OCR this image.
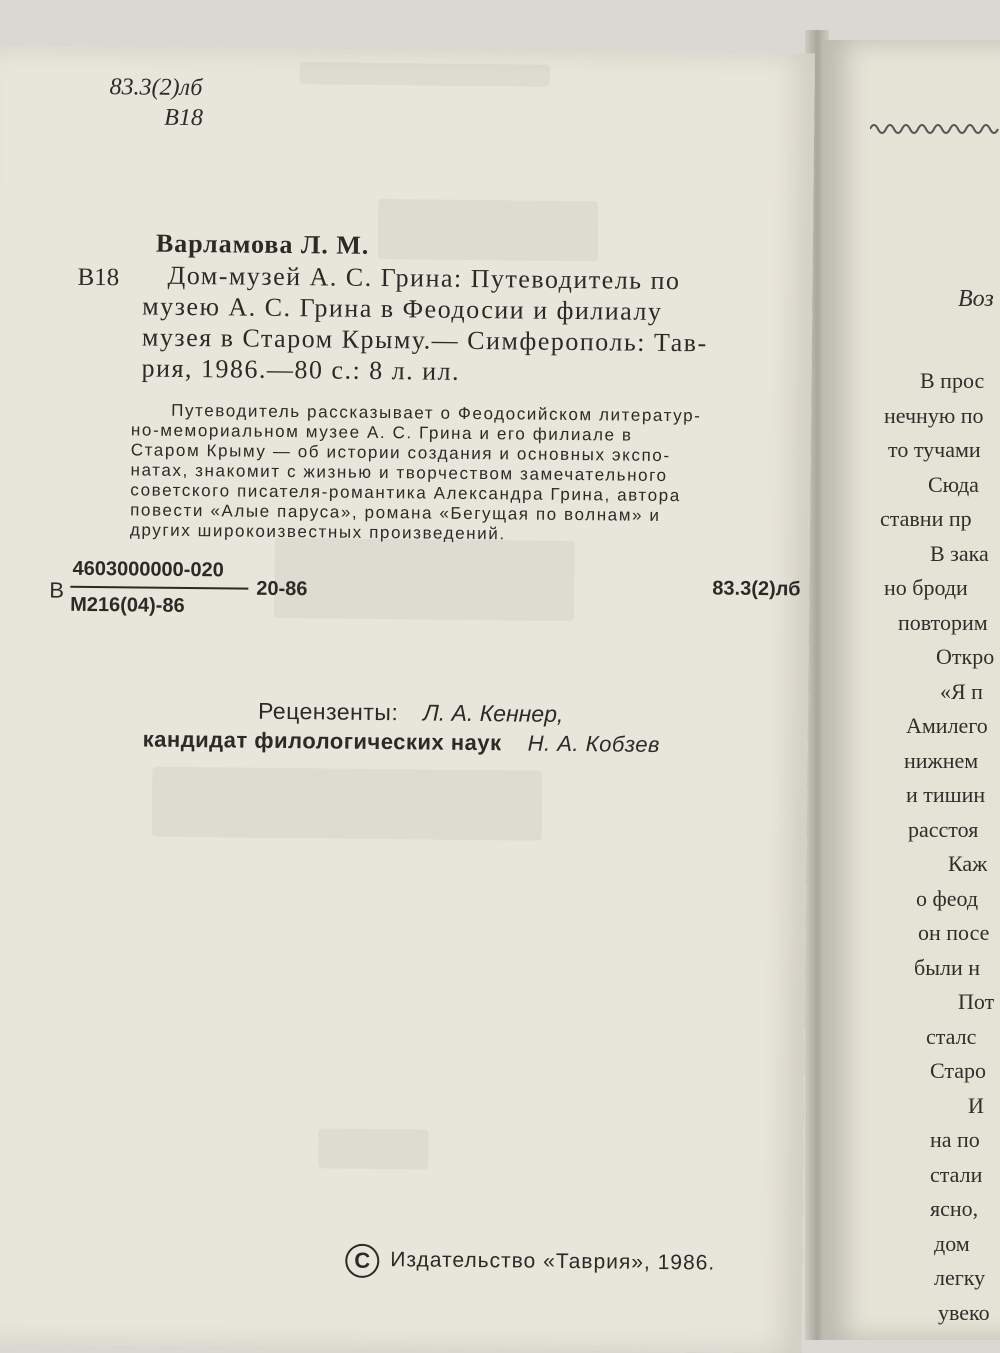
Воз
В прос
нечную по
то тучами
Сюда
ставни пр
В зака
но броди
повторим
Откро
«Я п
Амилего
нижнем
и тишин
расстоя
Каж
о феод
он посе
были н
Пот
сталс
Старо
И
на по
стали
ясно,
дом
легку
увеко
83.3(2)лб
В18
Варламова Л. М.
В18 Дом-музей А. С. Грина: Путеводитель по
музею А. С. Грина в Феодосии и филиалу
музея в Старом Крыму.— Симферополь: Тав-
рия, 1986.—80 с.: 8 л. ил.
Путеводитель рассказывает о Феодосийском литератур-
но-мемориальном музее А. С. Грина и его филиале в
Старом Крыму — об истории создания и основных экспо-
натах, знакомит с жизнью и творчеством замечательного
советского писателя-романтика Александра Грина, автора
повести «Алые паруса», романа «Бегущая по волнам» и
других широкоизвестных произведений.
В
4603000000-020
М216(04)-86
20-86	83.3(2)лб
Рецензенты: Л. А. Кеннер,
кандидат филологических наук Н. А. Кобзев
С Издательство «Таврия», 1986.
